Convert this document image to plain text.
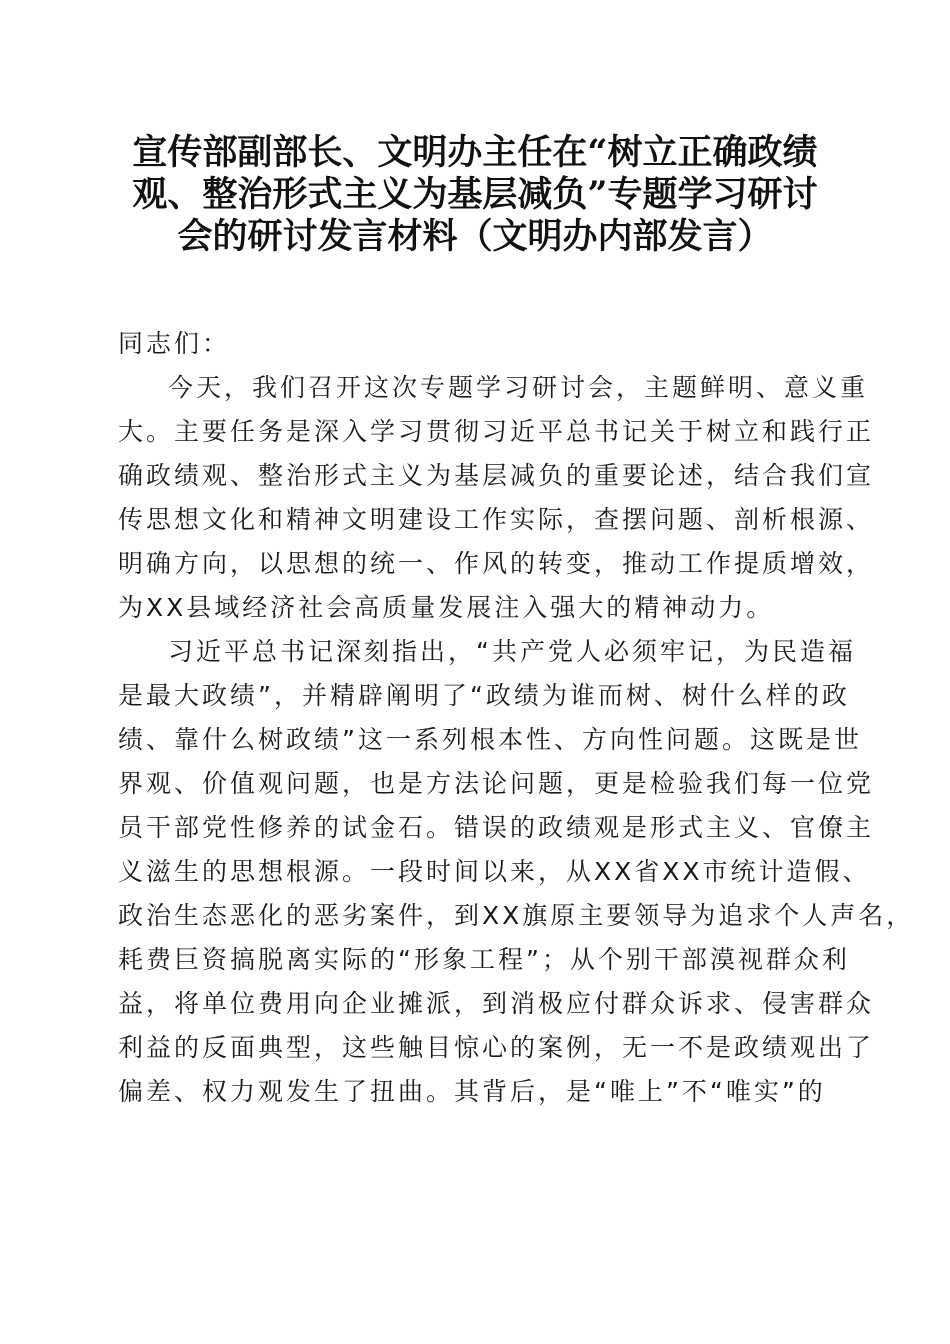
宣传部副部长、文明办主任在“树立正确政绩
观、整治形式主义为基层减负”专题学习研讨
会的研讨发言材料（文明办内部发言）
同志们：
今天，我们召开这次专题学习研讨会，主题鲜明、意义重
大。主要任务是深入学习贯彻习近平总书记关于树立和践行正
确政绩观、整治形式主义为基层减负的重要论述，结合我们宣
传思想文化和精神文明建设工作实际，查摆问题、剖析根源、
明确方向，以思想的统一、作风的转变，推动工作提质增效，
为XX县域经济社会高质量发展注入强大的精神动力。
习近平总书记深刻指出，“共产党人必须牢记，为民造福
是最大政绩”，并精辟阐明了“政绩为谁而树、树什么样的政
绩、靠什么树政绩”这一系列根本性、方向性问题。这既是世
界观、价值观问题，也是方法论问题，更是检验我们每一位党
员干部党性修养的试金石。错误的政绩观是形式主义、官僚主
义滋生的思想根源。一段时间以来，从XX省XX市统计造假、
政治生态恶化的恶劣案件，到XX旗原主要领导为追求个人声名，
耗费巨资搞脱离实际的“形象工程”；从个别干部漠视群众利
益，将单位费用向企业摊派，到消极应付群众诉求、侵害群众
利益的反面典型，这些触目惊心的案例，无一不是政绩观出了
偏差、权力观发生了扭曲。其背后，是“唯上”不“唯实”的
